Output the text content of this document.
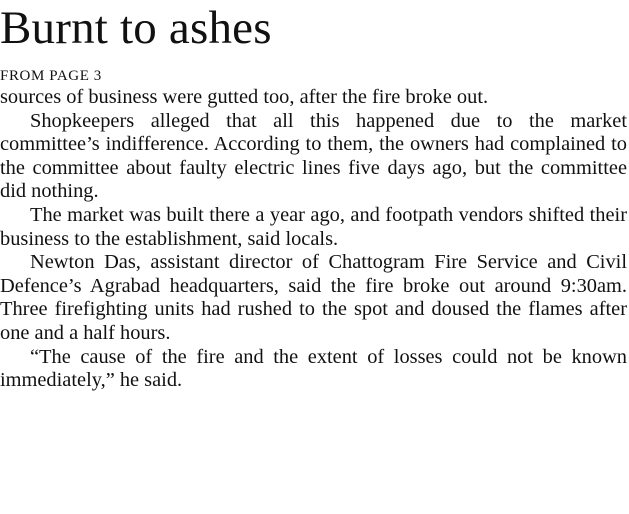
Burnt to ashes
FROM PAGE 3

sources of business were gutted too, after the fire broke out.

Shopkeepers alleged that all this happened due to the market committee’s indifference. According to them, the owners had complained to the committee about faulty electric lines five days ago, but the committee did nothing.

The market was built there a year ago, and footpath vendors shifted their business to the establishment, said locals.

Newton Das, assistant director of Chattogram Fire Service and Civil Defence’s Agrabad headquarters, said the fire broke out around 9:30am. Three firefighting units had rushed to the spot and doused the flames after one and a half hours.

“The cause of the fire and the extent of losses could not be known immediately,” he said.
